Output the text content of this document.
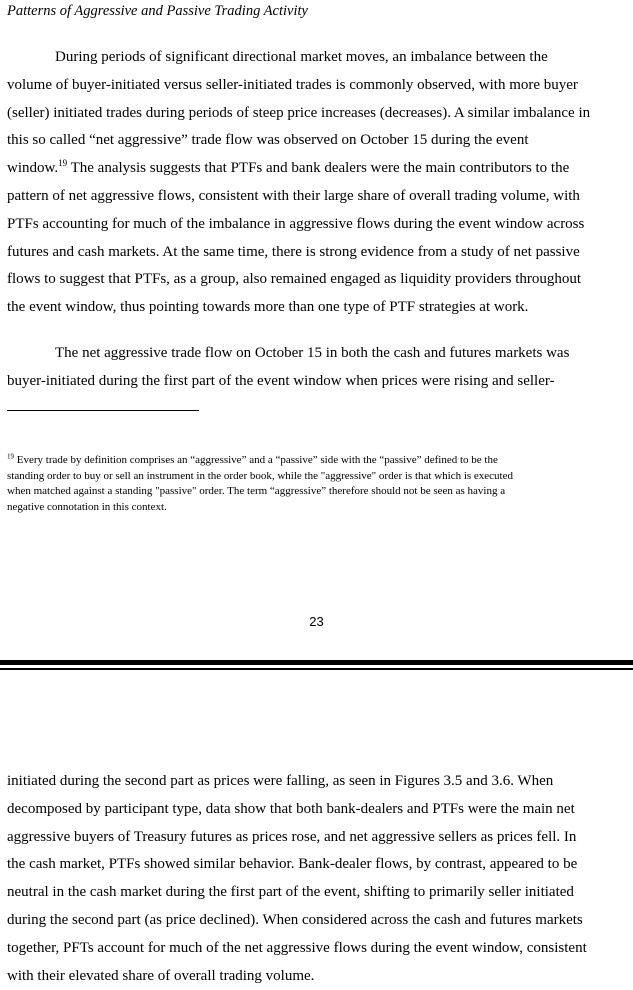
Patterns of Aggressive and Passive Trading Activity
During periods of significant directional market moves, an imbalance between the
volume of buyer-initiated versus seller-initiated trades is commonly observed, with more buyer
(seller) initiated trades during periods of steep price increases (decreases). A similar imbalance in
this so called “net aggressive” trade flow was observed on October 15 during the event
window.$^{19}$ The analysis suggests that PTFs and bank dealers were the main contributors to the
pattern of net aggressive flows, consistent with their large share of overall trading volume, with
PTFs accounting for much of the imbalance in aggressive flows during the event window across
futures and cash markets. At the same time, there is strong evidence from a study of net passive
flows to suggest that PTFs, as a group, also remained engaged as liquidity providers throughout
the event window, thus pointing towards more than one type of PTF strategies at work.
The net aggressive trade flow on October 15 in both the cash and futures markets was
buyer-initiated during the first part of the event window when prices were rising and seller-
$^{19}$ Every trade by definition comprises an “aggressive” and a “passive” side with the “passive” defined to be the
standing order to buy or sell an instrument in the order book, while the "aggressive" order is that which is executed
when matched against a standing "passive" order. The term “aggressive” therefore should not be seen as having a
negative connotation in this context.
23
initiated during the second part as prices were falling, as seen in Figures 3.5 and 3.6. When
decomposed by participant type, data show that both bank-dealers and PTFs were the main net
aggressive buyers of Treasury futures as prices rose, and net aggressive sellers as prices fell. In
the cash market, PTFs showed similar behavior. Bank-dealer flows, by contrast, appeared to be
neutral in the cash market during the first part of the event, shifting to primarily seller initiated
during the second part (as price declined). When considered across the cash and futures markets
together, PFTs account for much of the net aggressive flows during the event window, consistent
with their elevated share of overall trading volume.
